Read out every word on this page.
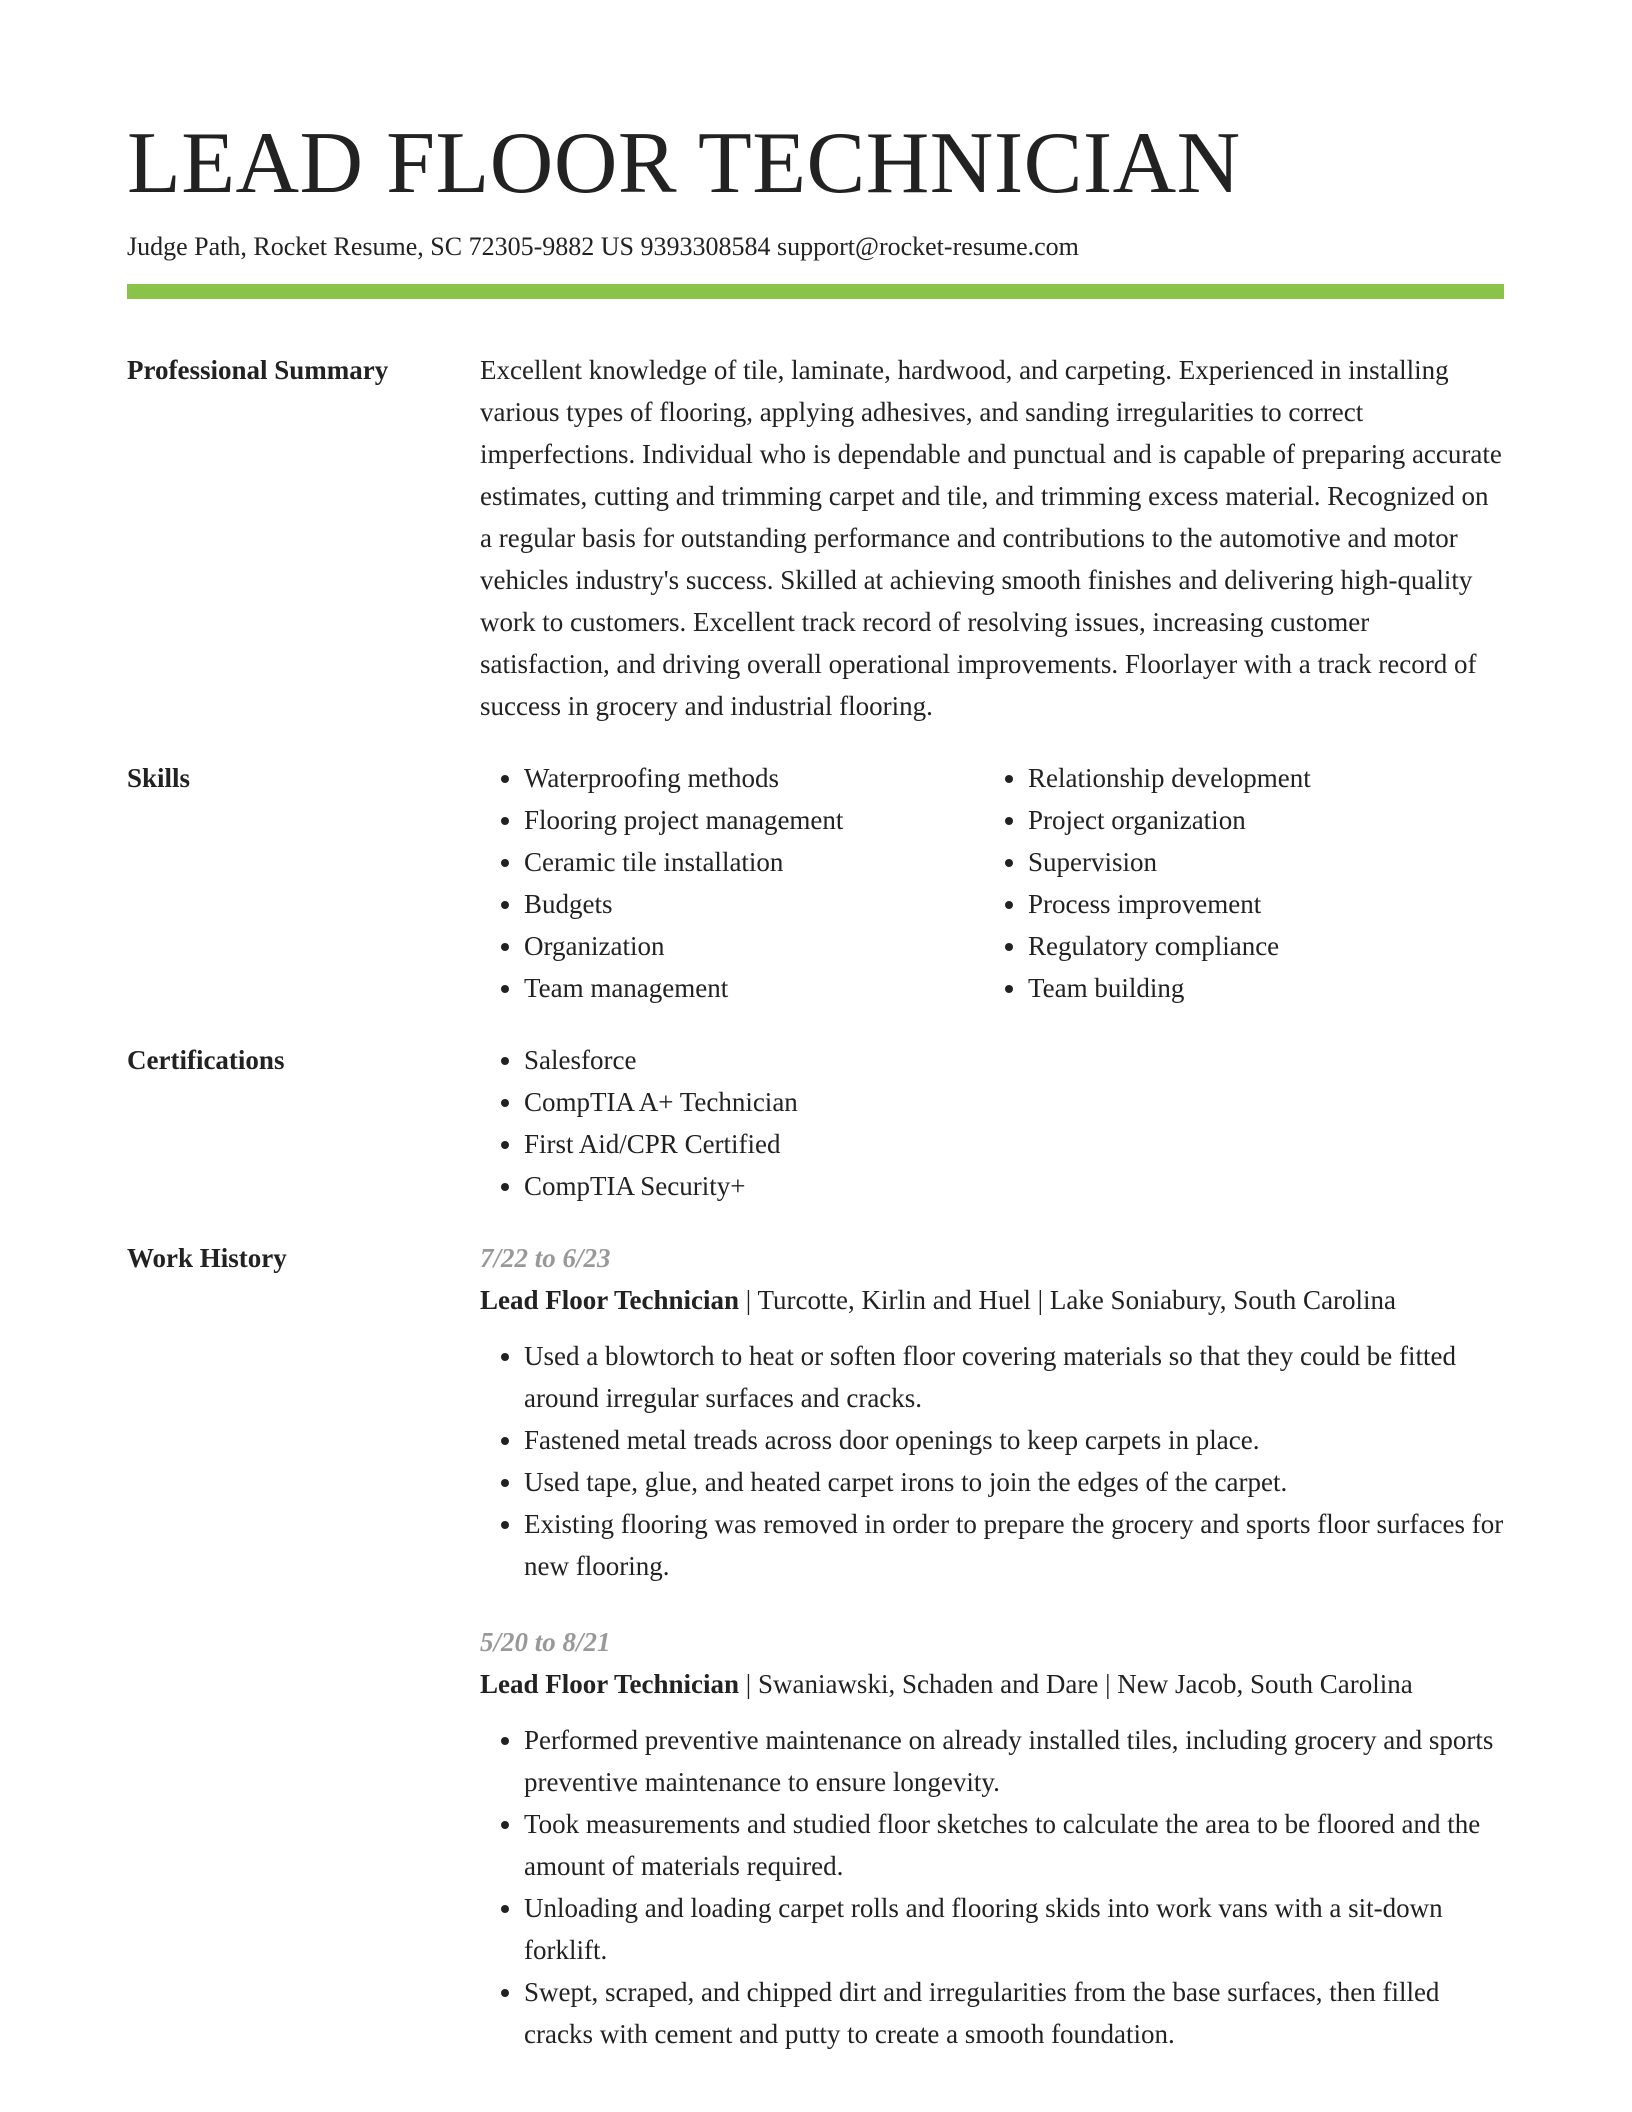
LEAD FLOOR TECHNICIAN
Judge Path, Rocket Resume, SC 72305-9882 US 9393308584 support@rocket-resume.com
Professional Summary	Excellent knowledge of tile, laminate, hardwood, and carpeting. Experienced in installing various types of flooring, applying adhesives, and sanding irregularities to correct imperfections. Individual who is dependable and punctual and is capable of preparing accurate estimates, cutting and trimming carpet and tile, and trimming excess material. Recognized on a regular basis for outstanding performance and contributions to the automotive and motor vehicles industry's success. Skilled at achieving smooth finishes and delivering high-quality work to customers. Excellent track record of resolving issues, increasing customer satisfaction, and driving overall operational improvements. Floorlayer with a track record of success in grocery and industrial flooring.
Skills	• Waterproofing methods
• Flooring project management
• Ceramic tile installation
• Budgets
• Organization
• Team management
• Relationship development
• Project organization
• Supervision
• Process improvement
• Regulatory compliance
• Team building
Certifications	• Salesforce
• CompTIA A+ Technician
• First Aid/CPR Certified
• CompTIA Security+
Work History	7/22 to 6/23
Lead Floor Technician | Turcotte, Kirlin and Huel | Lake Soniabury, South Carolina
• Used a blowtorch to heat or soften floor covering materials so that they could be fitted around irregular surfaces and cracks.
• Fastened metal treads across door openings to keep carpets in place.
• Used tape, glue, and heated carpet irons to join the edges of the carpet.
• Existing flooring was removed in order to prepare the grocery and sports floor surfaces for new flooring.
5/20 to 8/21
Lead Floor Technician | Swaniawski, Schaden and Dare | New Jacob, South Carolina
• Performed preventive maintenance on already installed tiles, including grocery and sports preventive maintenance to ensure longevity.
• Took measurements and studied floor sketches to calculate the area to be floored and the amount of materials required.
• Unloading and loading carpet rolls and flooring skids into work vans with a sit-down forklift.
• Swept, scraped, and chipped dirt and irregularities from the base surfaces, then filled cracks with cement and putty to create a smooth foundation.
